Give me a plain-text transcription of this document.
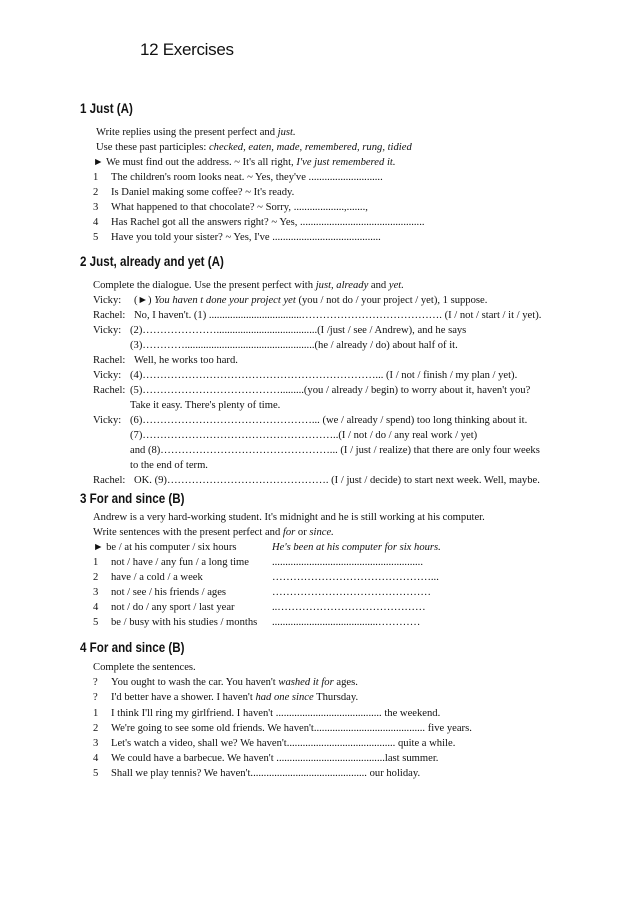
12 Exercises
1 Just (A)
Write replies using the present perfect and just.
Use these past participles: checked, eaten, made, remembered, rung, tidied
► We must find out the address. ~ It's all right, I've just remembered it.
1 The children's room looks neat. ~ Yes, they've ............................
2 Is Daniel making some coffee? ~ It's ready.
3 What happened to that chocolate? ~ Sorry, ...................,.......,
4 Has Rachel got all the answers right? ~ Yes, ...............................................
5 Have you told your sister? ~ Yes, I've .........................................
2 Just, already and yet (A)
Complete the dialogue. Use the present perfect with just, already and yet.
Vicky: (►) You haven t done your project yet (you / not do / your project / yet), 1 suppose.
Rachel: No, I haven't. (1) ...................................…………………………………. (I / not / start / it / yet).
Vicky: (2)…………………......................................(I /just / see / Andrew), and he says
(3)………….................................................(he / already / do) about half of it.
Rachel: Well, he works too hard.
Vicky: (4)…………………………………………………………... (I / not / finish / my plan / yet).
Rachel: (5)………………………………….........(you / already / begin) to worry about it, haven't you?
Take it easy. There's plenty of time.
Vicky: (6)…………………………………………... (we / already / spend) too long thinking about it.
(7)………………………………………………..(I / not / do / any real work / yet)
and (8)…………………………………………... (I / just / realize) that there are only four weeks
to the end of term.
Rachel: OK. (9)………………………………………. (I / just / decide) to start next week. Well, maybe.
3 For and since (B)
Andrew is a very hard-working student. It's midnight and he is still working at his computer.
Write sentences with the present perfect and for or since.
► be / at his computer / six hours	He's been at his computer for six hours.
1 not / have / any fun / a long time .........................................................
2 have / a cold / a week	………………………………………...
3 not / see / his friends / ages	………………………………………
4 not / do / any sport / last year	..……………………………………
5 be / busy with his studies / months ........................................…………
4 For and since (B)
Complete the sentences.
? You ought to wash the car. You haven't washed it for ages.
? I'd better have a shower. I haven't had one since Thursday.
1 I think I'll ring my girlfriend. I haven't ........................................ the weekend.
2 We're going to see some old friends. We haven't.......................................... five years.
3 Let's watch a video, shall we? We haven't......................................... quite a while.
4 We could have a barbecue. We haven't .........................................last summer.
5 Shall we play tennis? We haven't............................................ our holiday.
